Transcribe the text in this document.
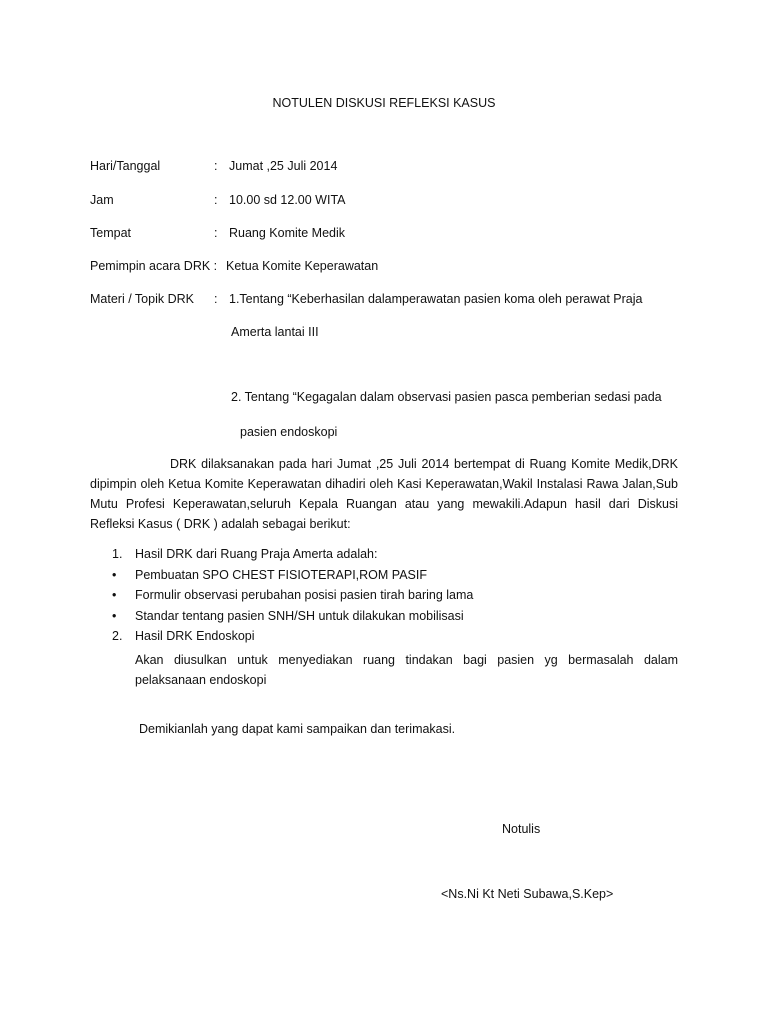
NOTULEN DISKUSI REFLEKSI KASUS
Hari/Tanggal	: Jumat ,25 Juli 2014
Jam	: 10.00 sd 12.00 WITA
Tempat	: Ruang Komite Medik
Pemimpin acara DRK : Ketua Komite Keperawatan
Materi / Topik DRK : 1.Tentang “Keberhasilan dalamperawatan pasien koma oleh perawat Praja
Amerta lantai III
2. Tentang “Kegagalan dalam observasi pasien pasca pemberian sedasi pada
pasien endoskopi
DRK dilaksanakan pada hari Jumat ,25 Juli 2014 bertempat di Ruang Komite Medik,DRK dipimpin oleh Ketua Komite Keperawatan dihadiri oleh Kasi Keperawatan,Wakil Instalasi Rawa Jalan,Sub Mutu Profesi Keperawatan,seluruh Kepala Ruangan atau yang mewakili.Adapun hasil dari Diskusi Refleksi Kasus ( DRK ) adalah sebagai berikut:
1. Hasil DRK dari Ruang Praja Amerta adalah:
• Pembuatan SPO CHEST FISIOTERAPI,ROM PASIF
• Formulir observasi perubahan posisi pasien tirah baring lama
• Standar tentang pasien SNH/SH untuk dilakukan mobilisasi
2. Hasil DRK Endoskopi
Akan diusulkan untuk menyediakan ruang tindakan bagi pasien yg bermasalah dalam pelaksanaan endoskopi
Demikianlah yang dapat kami sampaikan dan terimakasi.
Notulis
<Ns.Ni Kt Neti Subawa,S.Kep>
